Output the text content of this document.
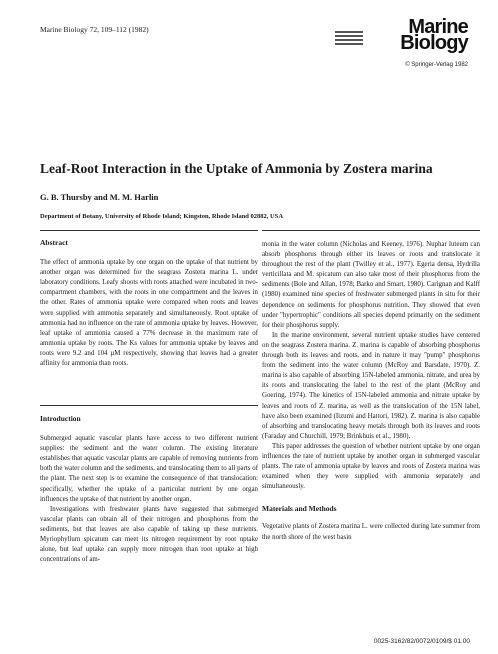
Marine Biology 72, 109–112 (1982)	Marine
Biology
© Springer-Verlag 1982
Leaf-Root Interaction in the Uptake of Ammonia by Zostera marina
G. B. Thursby and M. M. Harlin
Department of Botany, University of Rhode Island; Kingston, Rhode Island 02882, USA
Abstract

The effect of ammonia uptake by one organ on the uptake of that nutrient by another organ was determined for the seagrass Zostera marina L. under laboratory conditions. Leafy shoots with roots attached were incubated in two-compartment chambers, with the roots in one compartment and the leaves in the other. Rates of ammonia uptake were compared when roots and leaves were supplied with ammonia separately and simultaneously. Root uptake of ammonia had no influence on the rate of ammonia uptake by leaves. However, leaf uptake of ammonia caused a 77% decrease in the maximum rate of ammonia uptake by roots. The Ks values for ammonia uptake by leaves and roots were 9.2 and 104 µM respectively, showing that leaves had a greater affinity for ammonia than roots.

Introduction

Submerged aquatic vascular plants have access to two different nutrient supplies: the sediment and the water column. The existing literature establishes that aquatic vascular plants are capable of removing nutrients from both the water column and the sediments, and translocating them to all parts of the plant. The next step is to examine the consequence of that translocation: specifically, whether the uptake of a particular nutrient by one organ influences the uptake of that nutrient by another organ.

Investigations with freshwater plants have suggested that submerged vascular plants can obtain all of their nitrogen and phosphorus from the sediments, but that leaves are also capable of taking up these nutrients. Myriophyllum spicatum can meet its nitrogen requirement by root uptake alone, but leaf uptake can supply more nitrogen than root uptake at high concentrations of am-

monia in the water column (Nicholas and Keeney, 1976). Nuphar luteum can absorb phosphorus through either its leaves or roots and translocate it throughout the rest of the plant (Twilley et al., 1977). Egeria densa, Hydrilla verticillata and M. spicatum can also take most of their phosphorus from the sediments (Bole and Allan, 1978; Barko and Smart, 1980). Carignan and Kalff (1980) examined nine species of freshwater submerged plants in situ for their dependence on sediments for phosphorus nutrition. They showed that even under "hypertrophic" conditions all species depend primarily on the sediment for their phosphorus supply.

In the marine environment, several nutrient uptake studies have centered on the seagrass Zostera marina. Z. marina is capable of absorbing phosphorus through both its leaves and roots, and in nature it may "pump" phosphorus from the sediment into the water column (McRoy and Barsdate, 1970). Z. marina is also capable of absorbing 15N-labeled ammonia, nitrate, and urea by its roots and translocating the label to the rest of the plant (McRoy and Goering, 1974). The kinetics of 15N-labeled ammonia and nitrate uptake by leaves and roots of Z. marina, as well as the translocation of the 15N label, have also been examined (Iizumi and Hattori, 1982). Z. marina is also capable of absorbing and translocating heavy metals through both its leaves and roots (Faraday and Churchill, 1979; Brinkhuis et al., 1980).

This paper addresses the question of whether nutrient uptake by one organ influences the rate of nutrient uptake by another organ in submerged vascular plants. The rate of ammonia uptake by leaves and roots of Zostera marina was examined when they were supplied with ammonia separately and simultaneously.

Materials and Methods

Vegetative plants of Zostera marina L. were collected during late summer from the north shore of the west basin

0025-3162/82/0072/0109/$ 01.00
